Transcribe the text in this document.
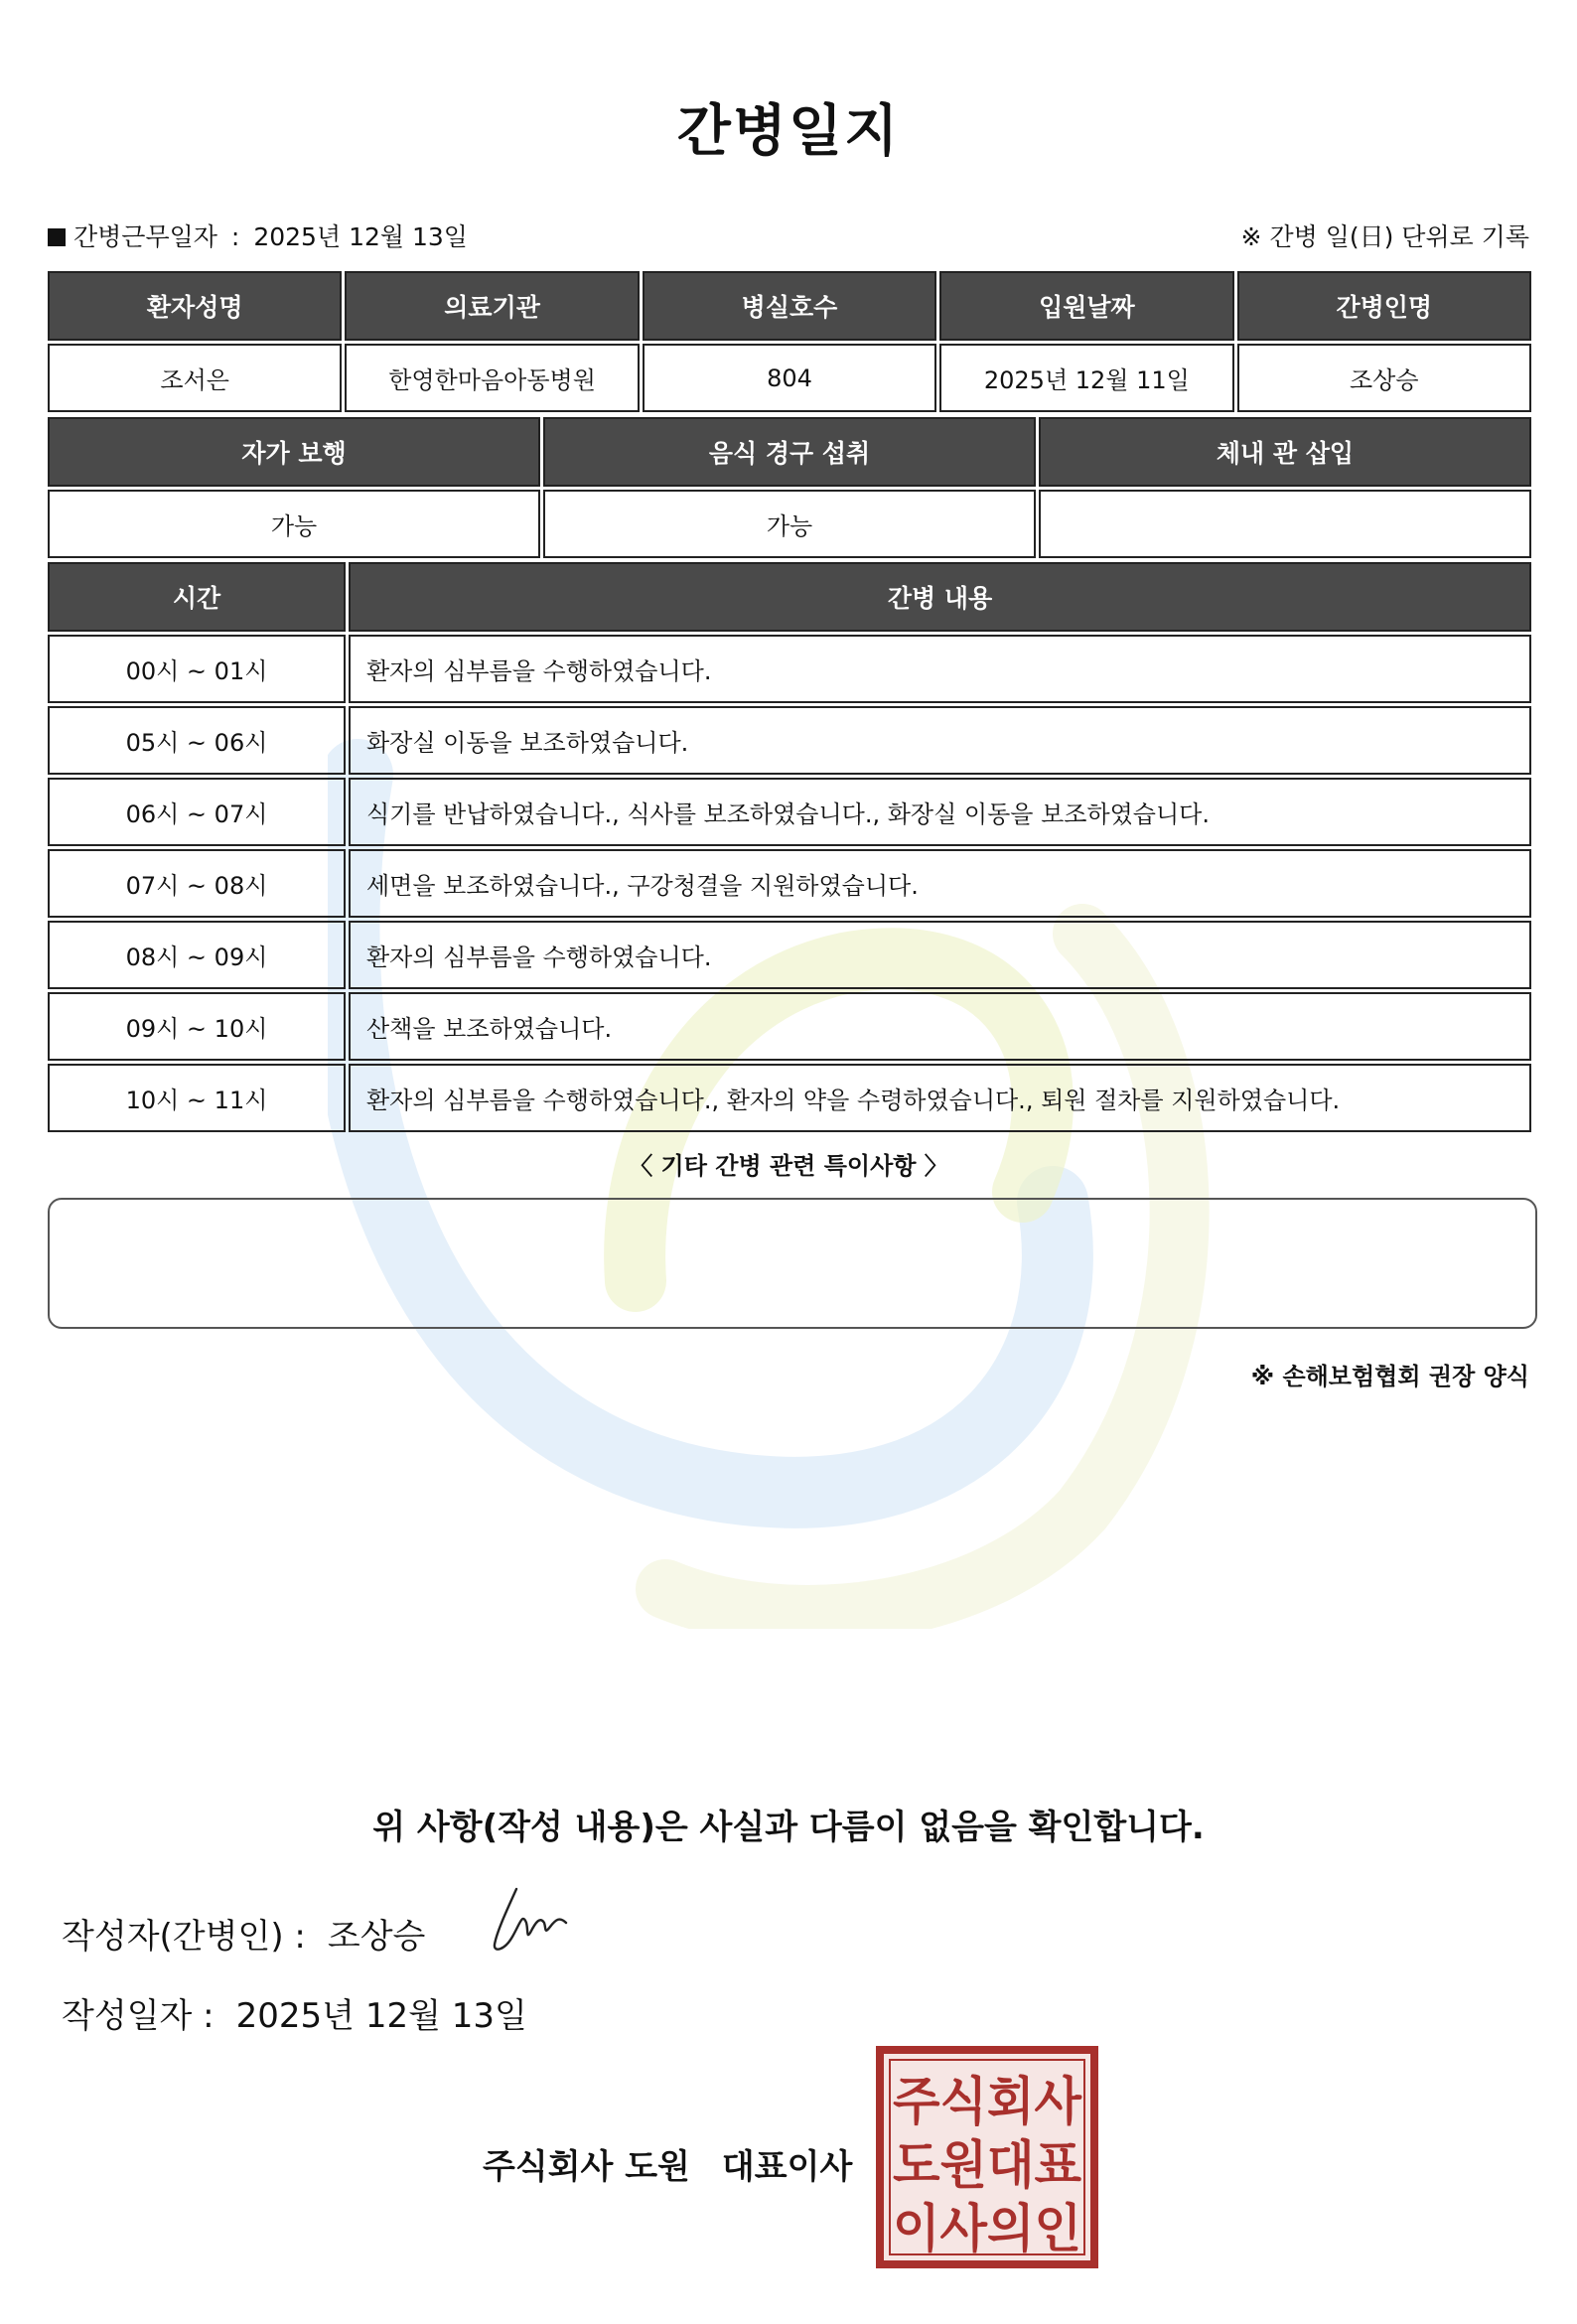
간병일지
간병근무일자 : 2025년 12월 13일	※ 간병 일(日) 단위로 기록
환자성명	의료기관	병실호수	입원날짜	간병인명
조서은	한영한마음아동병원	804	2025년 12월 11일	조상승
자가 보행	음식 경구 섭취	체내 관 삽입
가능	가능	
시간	간병 내용
00시 ~ 01시	환자의 심부름을 수행하였습니다.
05시 ~ 06시	화장실 이동을 보조하였습니다.
06시 ~ 07시	식기를 반납하였습니다., 식사를 보조하였습니다., 화장실 이동을 보조하였습니다.
07시 ~ 08시	세면을 보조하였습니다., 구강청결을 지원하였습니다.
08시 ~ 09시	환자의 심부름을 수행하였습니다.
09시 ~ 10시	산책을 보조하였습니다.
10시 ~ 11시	환자의 심부름을 수행하였습니다., 환자의 약을 수령하였습니다., 퇴원 절차를 지원하였습니다.
〈 기타 간병 관련 특이사항 〉
※ 손해보험협회 권장 양식
위 사항(작성 내용)은 사실과 다름이 없음을 확인합니다.
작성자(간병인) : 조상승
작성일자 : 2025년 12월 13일
주식회사 도원 대표이사
주식회사
도원대표
이사의인
